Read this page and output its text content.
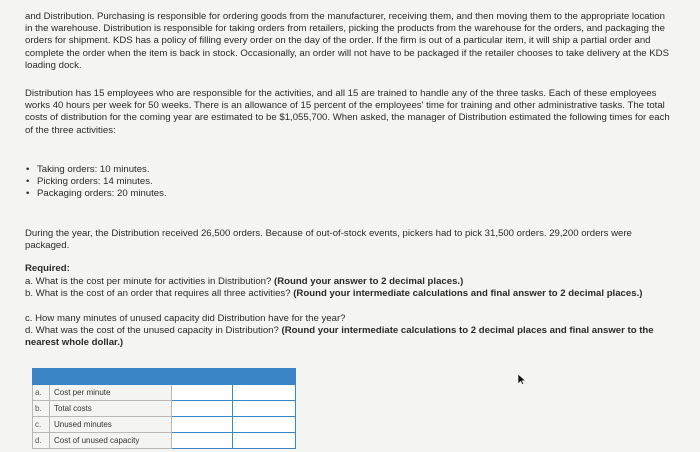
and Distribution. Purchasing is responsible for ordering goods from the manufacturer, receiving them, and then moving them to the appropriate location in the warehouse. Distribution is responsible for taking orders from retailers, picking the products from the warehouse for the orders, and packaging the orders for shipment. KDS has a policy of filling every order on the day of the order. If the firm is out of a particular item, it will ship a partial order and complete the order when the item is back in stock. Occasionally, an order will not have to be packaged if the retailer chooses to take delivery at the KDS loading dock.
Distribution has 15 employees who are responsible for the activities, and all 15 are trained to handle any of the three tasks. Each of these employees works 40 hours per week for 50 weeks. There is an allowance of 15 percent of the employees' time for training and other administrative tasks. The total costs of distribution for the coming year are estimated to be $1,055,700. When asked, the manager of Distribution estimated the following times for each of the three activities:
• Taking orders: 10 minutes.
• Picking orders: 14 minutes.
• Packaging orders: 20 minutes.
During the year, the Distribution received 26,500 orders. Because of out-of-stock events, pickers had to pick 31,500 orders. 29,200 orders were packaged.
Required:
a. What is the cost per minute for activities in Distribution? (Round your answer to 2 decimal places.)
b. What is the cost of an order that requires all three activities? (Round your intermediate calculations and final answer to 2 decimal places.)
c. How many minutes of unused capacity did Distribution have for the year?
d. What was the cost of the unused capacity in Distribution? (Round your intermediate calculations to 2 decimal places and final answer to the nearest whole dollar.)

a.	Cost per minute		
b.	Total costs		
c.	Unused minutes		
d.	Cost of unused capacity		
